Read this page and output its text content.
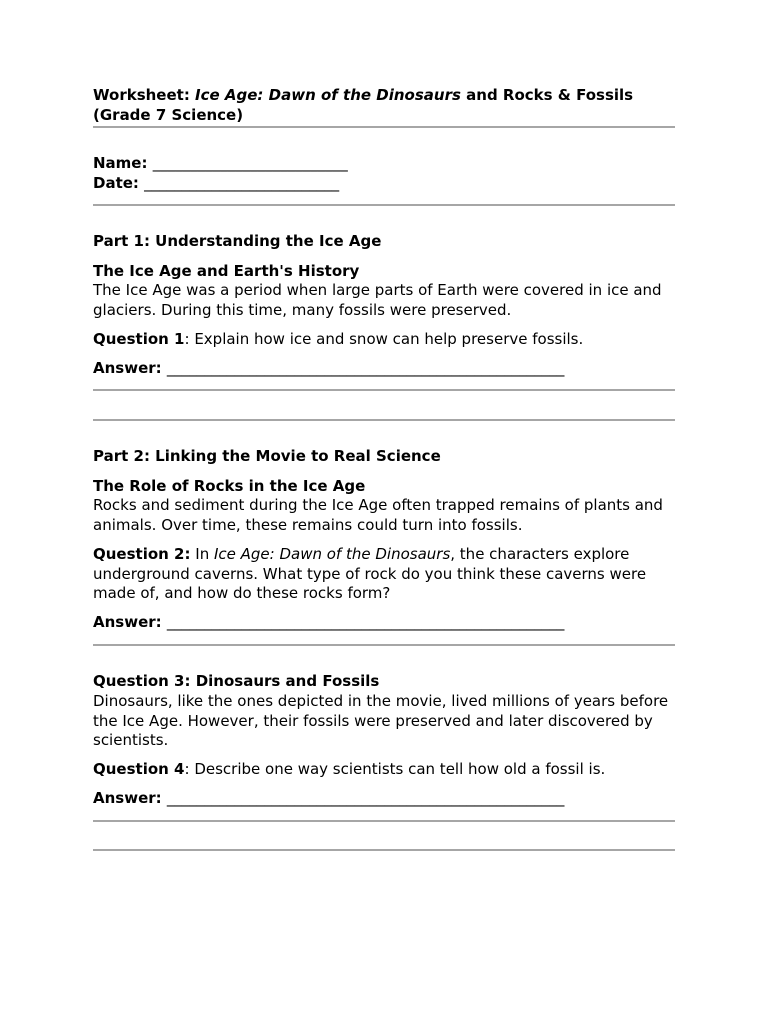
Worksheet: Ice Age: Dawn of the Dinosaurs and Rocks & Fossils
(Grade 7 Science)

Name: __________________________
Date: __________________________

Part 1: Understanding the Ice Age

The Ice Age and Earth's History

The Ice Age was a period when large parts of Earth were covered in ice and glaciers. During this time, many fossils were preserved.

Question 1: Explain how ice and snow can help preserve fossils.

Answer: _____________________________________________________

Part 2: Linking the Movie to Real Science

The Role of Rocks in the Ice Age

Rocks and sediment during the Ice Age often trapped remains of plants and animals. Over time, these remains could turn into fossils.

Question 2: In Ice Age: Dawn of the Dinosaurs, the characters explore underground caverns. What type of rock do you think these caverns were made of, and how do these rocks form?

Answer: _____________________________________________________

Question 3: Dinosaurs and Fossils

Dinosaurs, like the ones depicted in the movie, lived millions of years before the Ice Age. However, their fossils were preserved and later discovered by scientists.

Question 4: Describe one way scientists can tell how old a fossil is.

Answer: _____________________________________________________
